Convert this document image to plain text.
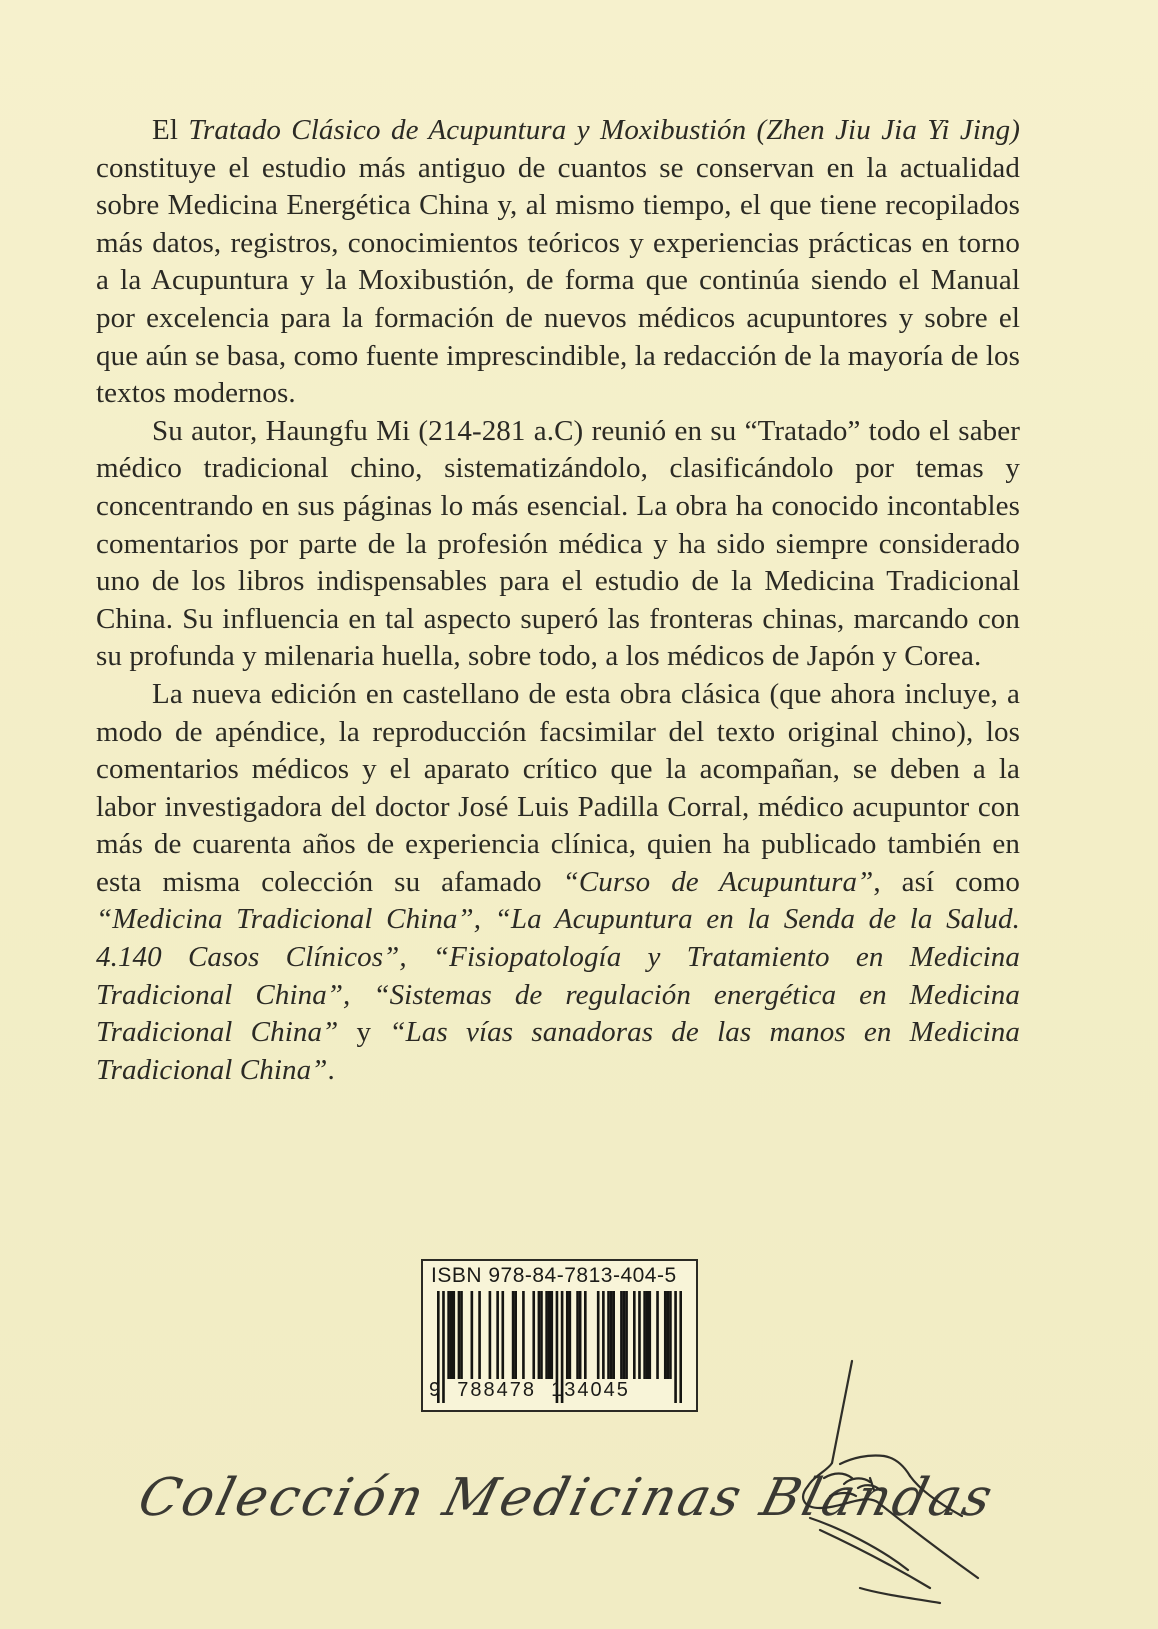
El Tratado Clásico de Acupuntura y Moxibustión (Zhen Jiu Jia Yi Jing) constituye el estudio más antiguo de cuantos se conservan en la actualidad sobre Medicina Energética China y, al mismo tiempo, el que tiene recopilados más datos, registros, conocimientos teóricos y experiencias prácticas en torno a la Acupuntura y la Moxibustión, de forma que continúa siendo el Manual por excelencia para la formación de nuevos médicos acupuntores y sobre el que aún se basa, como fuente imprescindible, la redacción de la mayoría de los textos modernos.

Su autor, Haungfu Mi (214-281 a.C) reunió en su “Tratado” todo el saber médico tradicional chino, sistematizándolo, clasificándolo por temas y concentrando en sus páginas lo más esencial. La obra ha conocido incontables comentarios por parte de la profesión médica y ha sido siempre considerado uno de los libros indispensables para el estudio de la Medicina Tradicional China. Su influencia en tal aspecto superó las fronteras chinas, marcando con su profunda y milenaria huella, sobre todo, a los médicos de Japón y Corea.

La nueva edición en castellano de esta obra clásica (que ahora incluye, a modo de apéndice, la reproducción facsimilar del texto original chino), los comentarios médicos y el aparato crítico que la acompañan, se deben a la labor investigadora del doctor José Luis Padilla Corral, médico acupuntor con más de cuarenta años de experiencia clínica, quien ha publicado también en esta misma colección su afamado “Curso de Acupuntura”, así como “Medicina Tradicional China”, “La Acupuntura en la Senda de la Salud. 4.140 Casos Clínicos”, “Fisiopatología y Tratamiento en Medicina Tradicional China”, “Sistemas de regulación energética en Medicina Tradicional China” y “Las vías sanadoras de las manos en Medicina Tradicional China”.

ISBN 978-84-7813-404-5
9 788478 134045
Colección Medicinas Blandas
